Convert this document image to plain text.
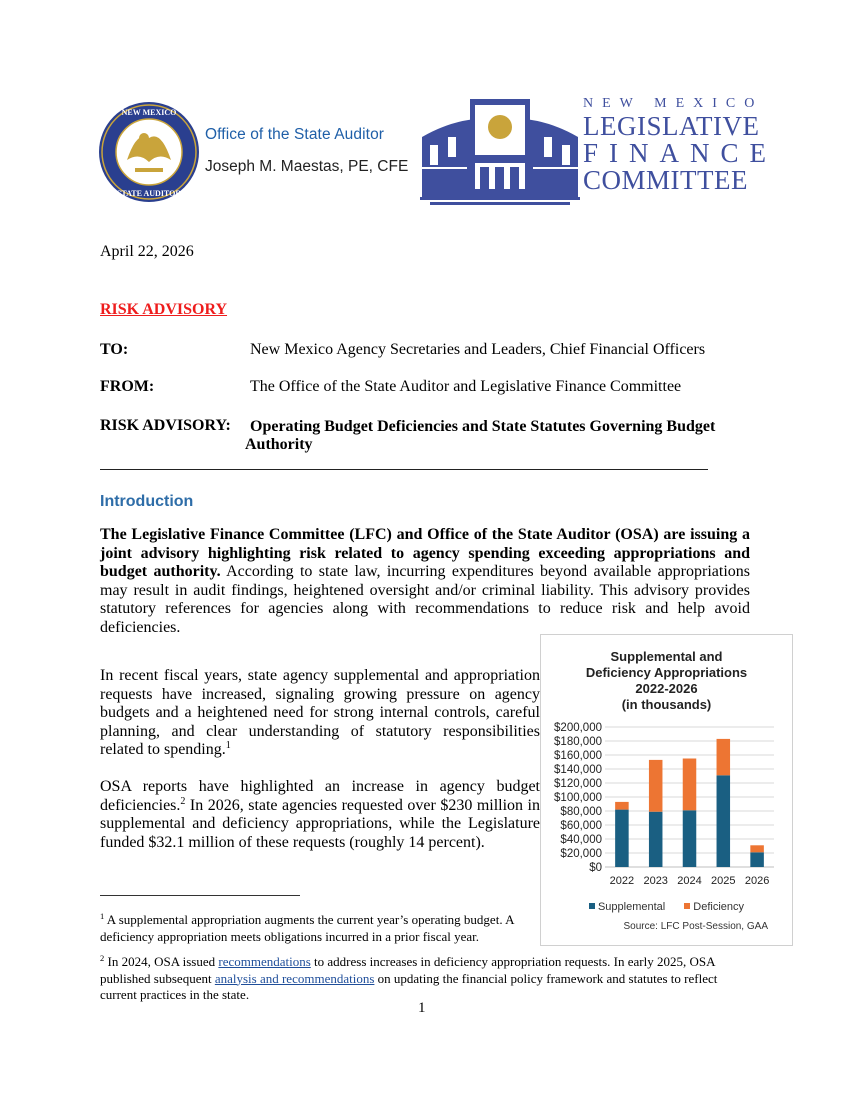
NEW MEXICO
STATE AUDITOR
Office of the State Auditor
Joseph M. Maestas, PE, CFE
NEW MEXICO
LEGISLATIVE
FINANCE
COMMITTEE
April 22, 2026
RISK ADVISORY
TO:	New Mexico Agency Secretaries and Leaders, Chief Financial Officers
FROM:	The Office of the State Auditor and Legislative Finance Committee
RISK ADVISORY: Operating Budget Deficiencies and State Statutes Governing Budget
Authority
Introduction
The Legislative Finance Committee (LFC) and Office of the State Auditor (OSA) are issuing a joint advisory highlighting risk related to agency spending exceeding appropriations and budget authority. According to state law, incurring expenditures beyond available appropriations may result in audit findings, heightened oversight and/or criminal liability. This advisory provides statutory references for agencies along with recommendations to reduce risk and help avoid deficiencies.
In recent fiscal years, state agency supplemental and appropriation requests have increased, signaling growing pressure on agency budgets and a heightened need for strong internal controls, careful planning, and clear understanding of statutory responsibilities related to spending.$^1$
OSA reports have highlighted an increase in agency budget deficiencies.$^2$ In 2026, state agencies requested over $230 million in supplemental and deficiency appropriations, while the Legislature funded $32.1 million of these requests (roughly 14 percent).
Supplemental and
Deficiency Appropriations
2022-2026
(in thousands)
$0
$20,000
$40,000
$60,000
$80,000
$100,000
$120,000
$140,000
$160,000
$180,000
$200,000
2022 2023 2024 2025 2026
Supplemental	Deficiency
Source: LFC Post-Session, GAA
$^1$ A supplemental appropriation augments the current year’s operating budget. A deficiency appropriation meets obligations incurred in a prior fiscal year.
$^2$ In 2024, OSA issued recommendations to address increases in deficiency appropriation requests. In early 2025, OSA published subsequent analysis and recommendations on updating the financial policy framework and statutes to reflect current practices in the state.
1
